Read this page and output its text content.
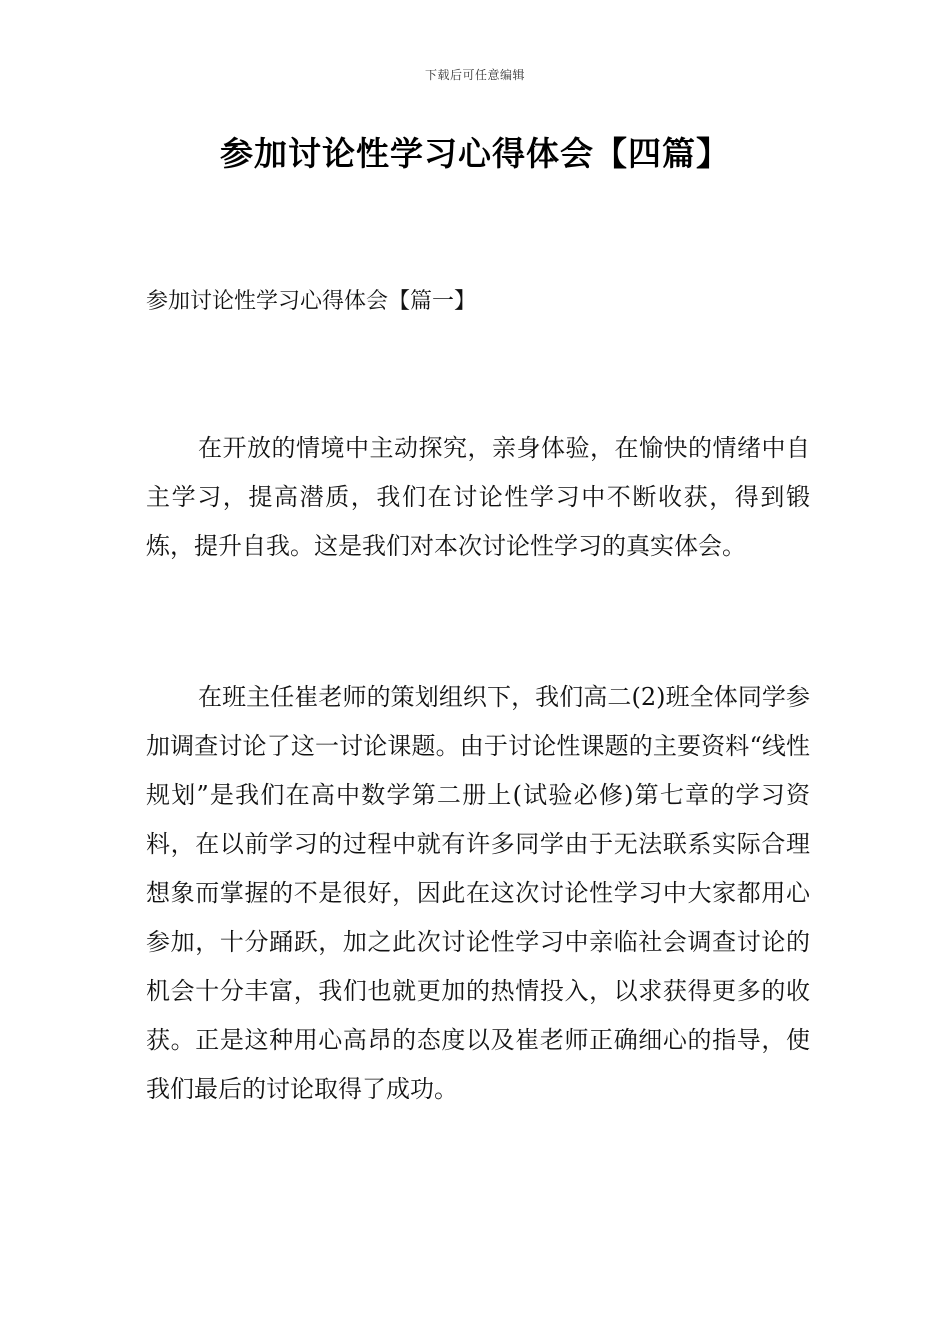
下载后可任意编辑
参加讨论性学习心得体会【四篇】
参加讨论性学习心得体会【篇一】

在开放的情境中主动探究，亲身体验，在愉快的情绪中自主学习，提高潜质，我们在讨论性学习中不断收获，得到锻炼，提升自我。这是我们对本次讨论性学习的真实体会。

在班主任崔老师的策划组织下，我们高二(2)班全体同学参加调查讨论了这一讨论课题。由于讨论性课题的主要资料“线性规划”是我们在高中数学第二册上(试验必修)第七章的学习资料，在以前学习的过程中就有许多同学由于无法联系实际合理想象而掌握的不是很好，因此在这次讨论性学习中大家都用心参加，十分踊跃，加之此次讨论性学习中亲临社会调查讨论的机会十分丰富，我们也就更加的热情投入，以求获得更多的收获。正是这种用心高昂的态度以及崔老师正确细心的指导，使我们最后的讨论取得了成功。
